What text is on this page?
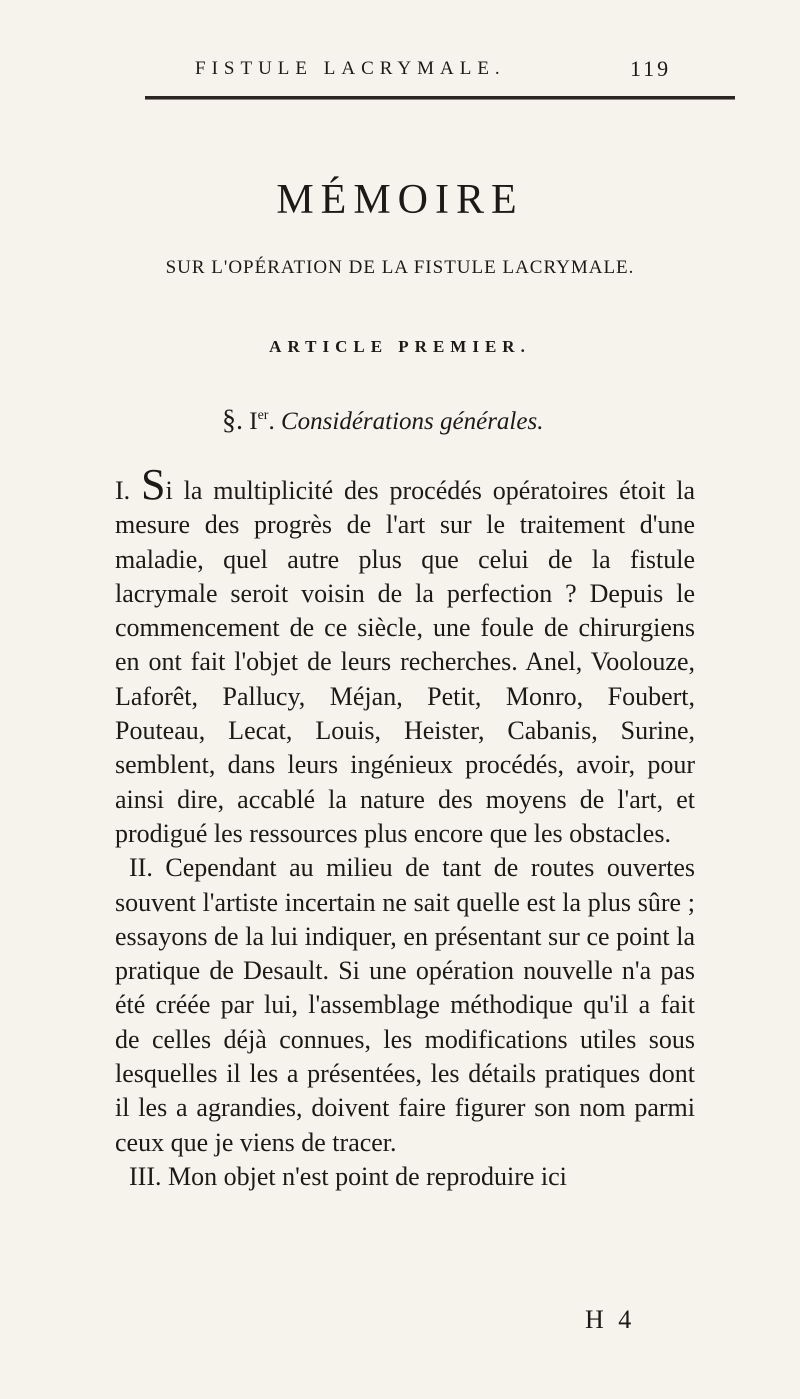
FISTULE LACRYMALE.	119
MÉMOIRE
SUR L'OPÉRATION DE LA FISTULE LACRYMALE.
ARTICLE PREMIER.
§. Ier. Considérations générales.

I. Si la multiplicité des procédés opératoires étoit la mesure des progrès de l'art sur le traitement d'une maladie, quel autre plus que celui de la fistule lacrymale seroit voisin de la perfection ? Depuis le commencement de ce siècle, une foule de chirurgiens en ont fait l'objet de leurs recherches. Anel, Voolouze, Laforêt, Pallucy, Méjan, Petit, Monro, Foubert, Pouteau, Lecat, Louis, Heister, Cabanis, Surine, semblent, dans leurs ingénieux procédés, avoir, pour ainsi dire, accablé la nature des moyens de l'art, et prodigué les ressources plus encore que les obstacles.

II. Cependant au milieu de tant de routes ouvertes souvent l'artiste incertain ne sait quelle est la plus sûre ; essayons de la lui indiquer, en présentant sur ce point la pratique de Desault. Si une opération nouvelle n'a pas été créée par lui, l'assemblage méthodique qu'il a fait de celles déjà connues, les modifications utiles sous lesquelles il les a présentées, les détails pratiques dont il les a agrandies, doivent faire figurer son nom parmi ceux que je viens de tracer.

III. Mon objet n'est point de reproduire ici

H 4
